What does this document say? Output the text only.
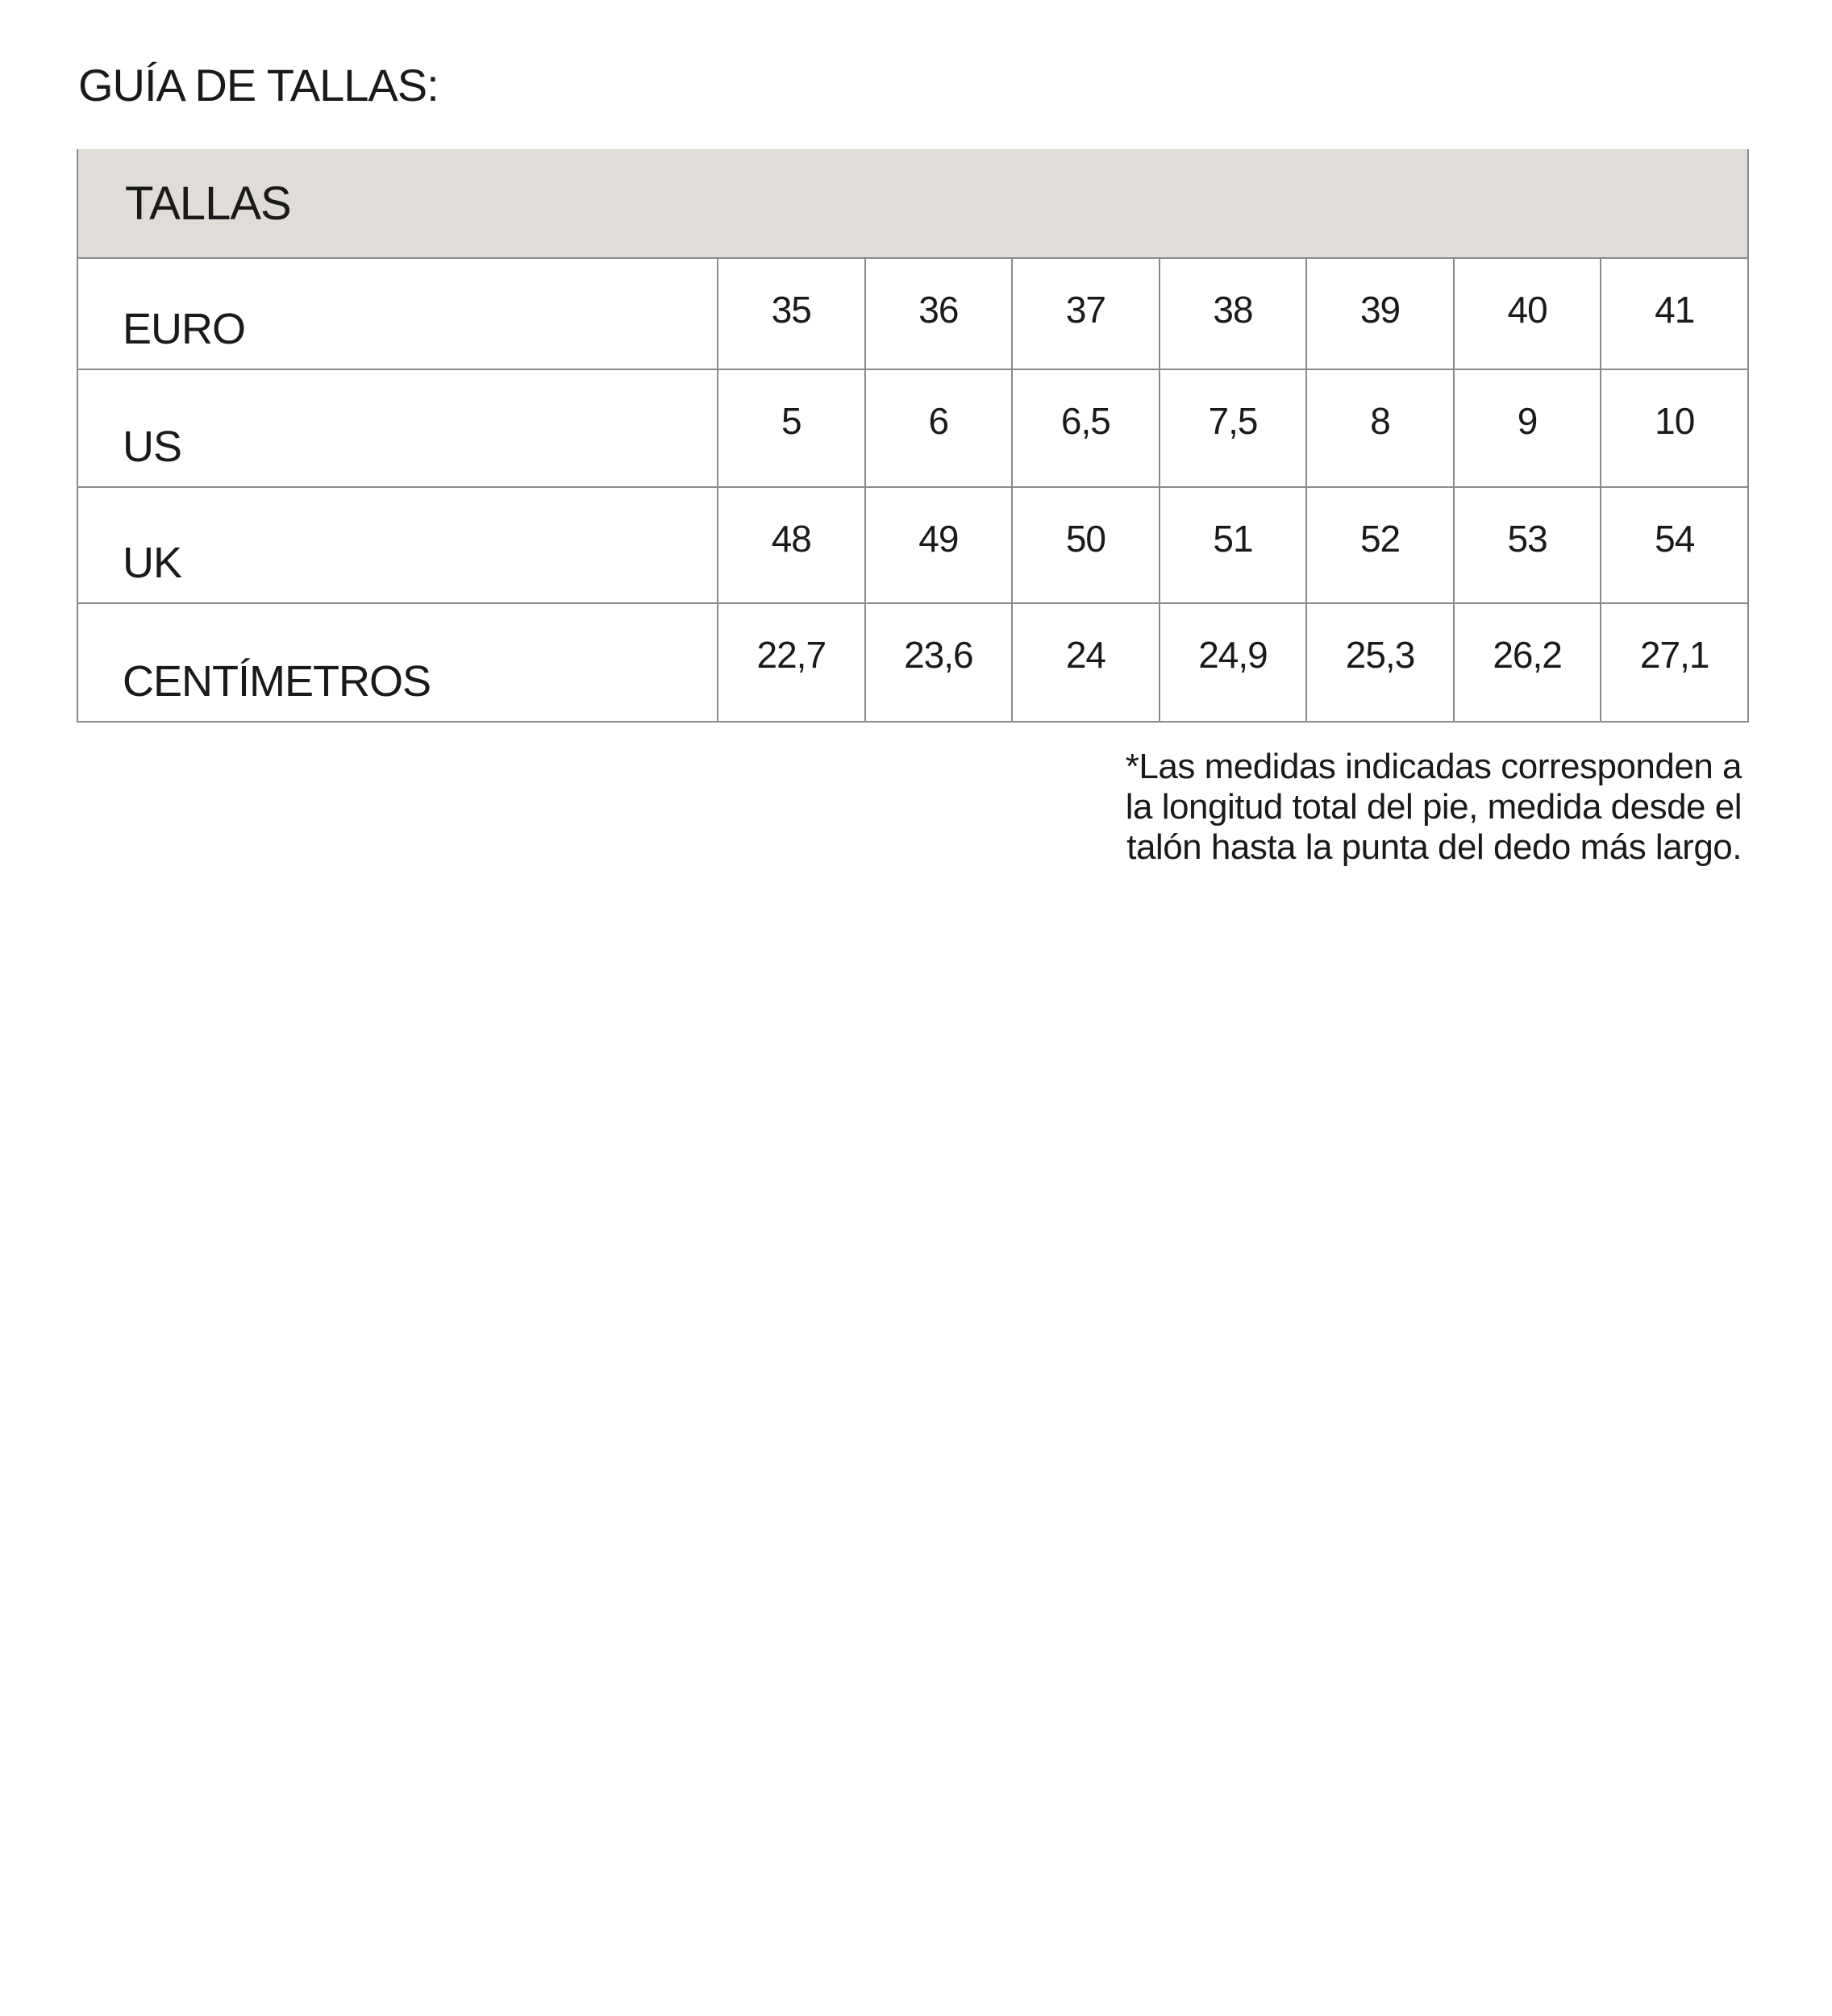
GUÍA DE TALLAS:
TALLAS							

EURO	35	36	37	38	39	40	41

US	5	6	6,5	7,5	8	9	10

UK	48	49	50	51	52	53	54

CENTÍMETROS	22,7	23,6	24	24,9	25,3	26,2	27,1

*Las medidas indicadas corresponden a
la longitud total del pie, medida desde el
talón hasta la punta del dedo más largo.
